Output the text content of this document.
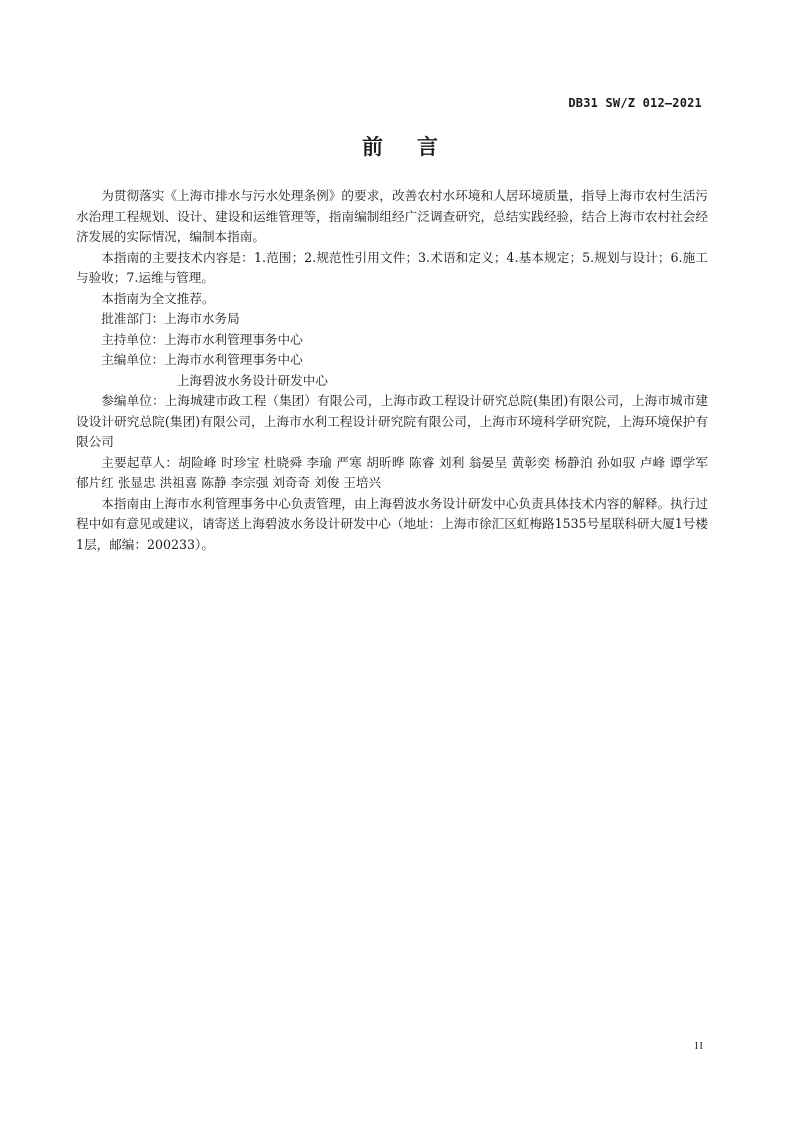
DB31 SW/Z 012—2021
前言

为贯彻落实《上海市排水与污水处理条例》的要求，改善农村水环境和人居环境质量，指导上海市农村生活污水治理工程规划、设计、建设和运维管理等，指南编制组经广泛调查研究，总结实践经验，结合上海市农村社会经济发展的实际情况，编制本指南。

本指南的主要技术内容是：1.范围；2.规范性引用文件；3.术语和定义；4.基本规定；5.规划与设计；6.施工与验收；7.运维与管理。

本指南为全文推荐。

批准部门：上海市水务局

主持单位：上海市水利管理事务中心

主编单位：上海市水利管理事务中心

上海碧波水务设计研发中心

参编单位：上海城建市政工程（集团）有限公司，上海市政工程设计研究总院(集团)有限公司，上海市城市建设设计研究总院(集团)有限公司，上海市水利工程设计研究院有限公司，上海市环境科学研究院，上海环境保护有限公司

主要起草人：胡险峰 时珍宝 杜晓舜 李瑜 严寒 胡昕晔 陈睿 刘利 翁晏呈 黄彰奕 杨静泊 孙如驭 卢峰 谭学军 郁片红 张显忠 洪祖喜 陈静 李宗强 刘奇奇 刘俊 王培兴

本指南由上海市水利管理事务中心负责管理，由上海碧波水务设计研发中心负责具体技术内容的解释。执行过程中如有意见或建议，请寄送上海碧波水务设计研发中心（地址：上海市徐汇区虹梅路1535号星联科研大厦1号楼1层，邮编：200233）。

II
